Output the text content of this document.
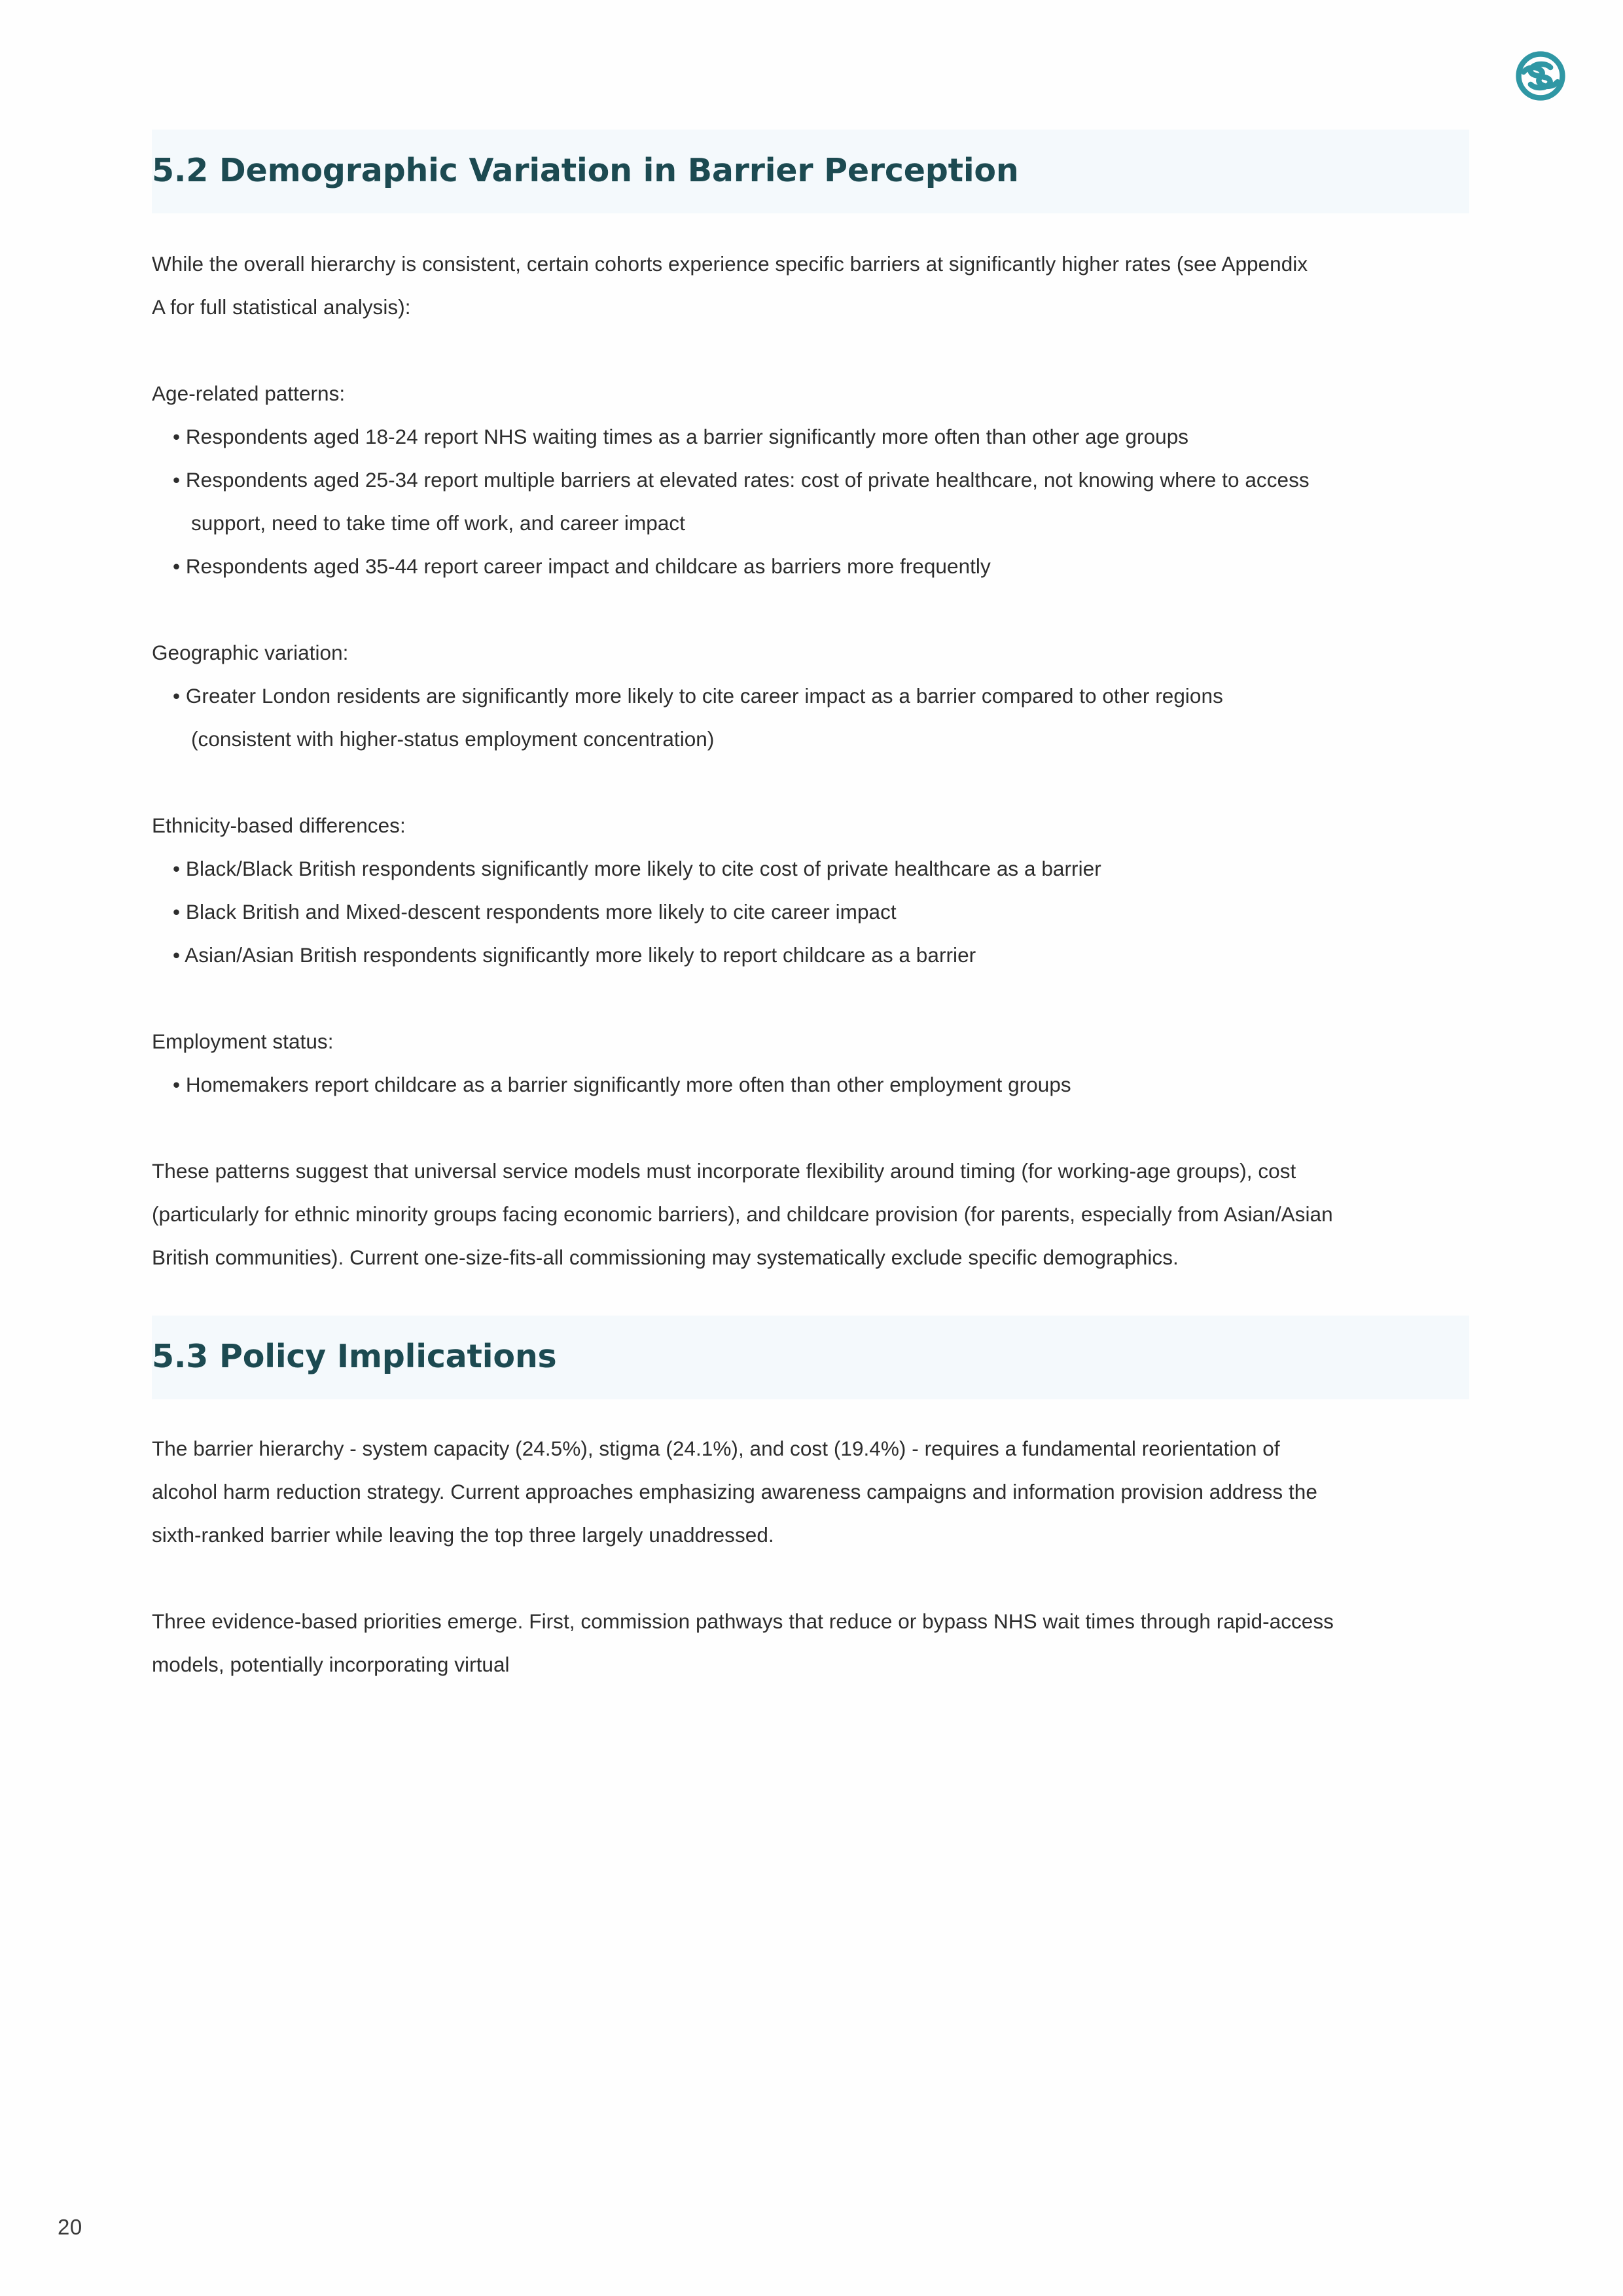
5.2 Demographic Variation in Barrier Perception

While the overall hierarchy is consistent, certain cohorts experience specific barriers at significantly higher rates (see Appendix A for full statistical analysis):

Age-related patterns:

• Respondents aged 18-24 report NHS waiting times as a barrier significantly more often than other age groups
• Respondents aged 25-34 report multiple barriers at elevated rates: cost of private healthcare, not knowing where to access support, need to take time off work, and career impact
• Respondents aged 35-44 report career impact and childcare as barriers more frequently

Geographic variation:

• Greater London residents are significantly more likely to cite career impact as a barrier compared to other regions (consistent with higher-status employment concentration)

Ethnicity-based differences:

• Black/Black British respondents significantly more likely to cite cost of private healthcare as a barrier
• Black British and Mixed-descent respondents more likely to cite career impact
• Asian/Asian British respondents significantly more likely to report childcare as a barrier

Employment status:

• Homemakers report childcare as a barrier significantly more often than other employment groups

These patterns suggest that universal service models must incorporate flexibility around timing (for working-age groups), cost (particularly for ethnic minority groups facing economic barriers), and childcare provision (for parents, especially from Asian/Asian British communities). Current one-size-fits-all commissioning may systematically exclude specific demographics.

5.3 Policy Implications

The barrier hierarchy - system capacity (24.5%), stigma (24.1%), and cost (19.4%) - requires a fundamental reorientation of alcohol harm reduction strategy. Current approaches emphasizing awareness campaigns and information provision address the sixth-ranked barrier while leaving the top three largely unaddressed.

Three evidence-based priorities emerge. First, commission pathways that reduce or bypass NHS wait times through rapid-access models, potentially incorporating virtual

20
